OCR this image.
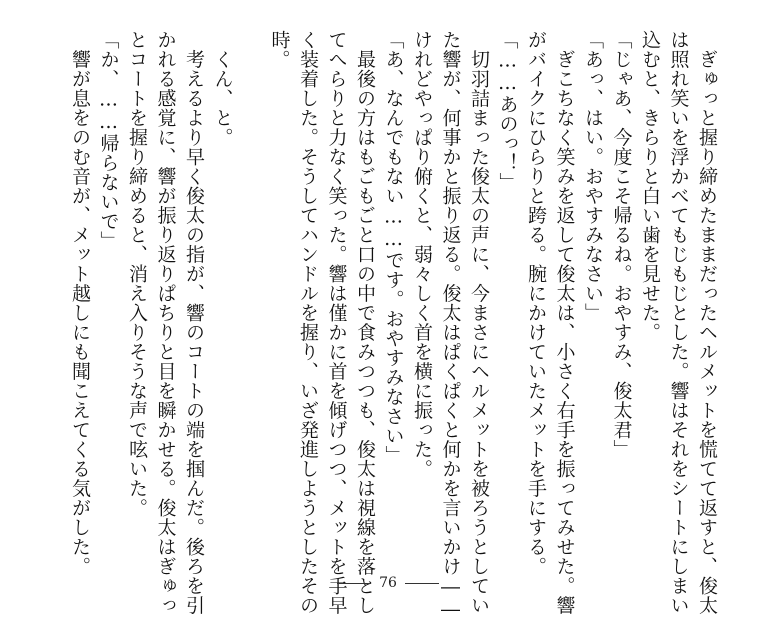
　ぎゅっと握り締めたままだったヘルメットを慌てて返すと、俊太
は照れ笑いを浮かべてもじもじとした。響はそれをシートにしまい
込むと、きらりと白い歯を見せた。
「じゃあ、今度こそ帰るね。おやすみ、俊太君」
「あっ、はい。おやすみなさい」
　ぎこちなく笑みを返して俊太は、小さく右手を振ってみせた。響
がバイクにひらりと跨る。腕にかけていたメットを手にする。
「……あのっ！」
　切羽詰まった俊太の声に、今まさにヘルメットを被ろうとしてい
た響が、何事かと振り返る。俊太はぱくぱくと何かを言いかけ――
けれどやっぱり俯くと、弱々しく首を横に振った。
「あ、なんでもない……です。おやすみなさい」
　最後の方はもごもごと口の中で食みつつも、俊太は視線を落とし
てへらりと力なく笑った。響は僅かに首を傾げつつ、メットを手早
く装着した。そうしてハンドルを握り、いざ発進しようとしたその
時。
　くん、と。
　考えるより早く俊太の指が、響のコートの端を掴んだ。後ろを引
かれる感覚に、響が振り返りぱちりと目を瞬かせる。俊太はぎゅっ
とコートを握り締めると、消え入りそうな声で呟いた。
「か、……帰らないで」
　響が息をのむ音が、メット越しにも聞こえてくる気がした。
76
